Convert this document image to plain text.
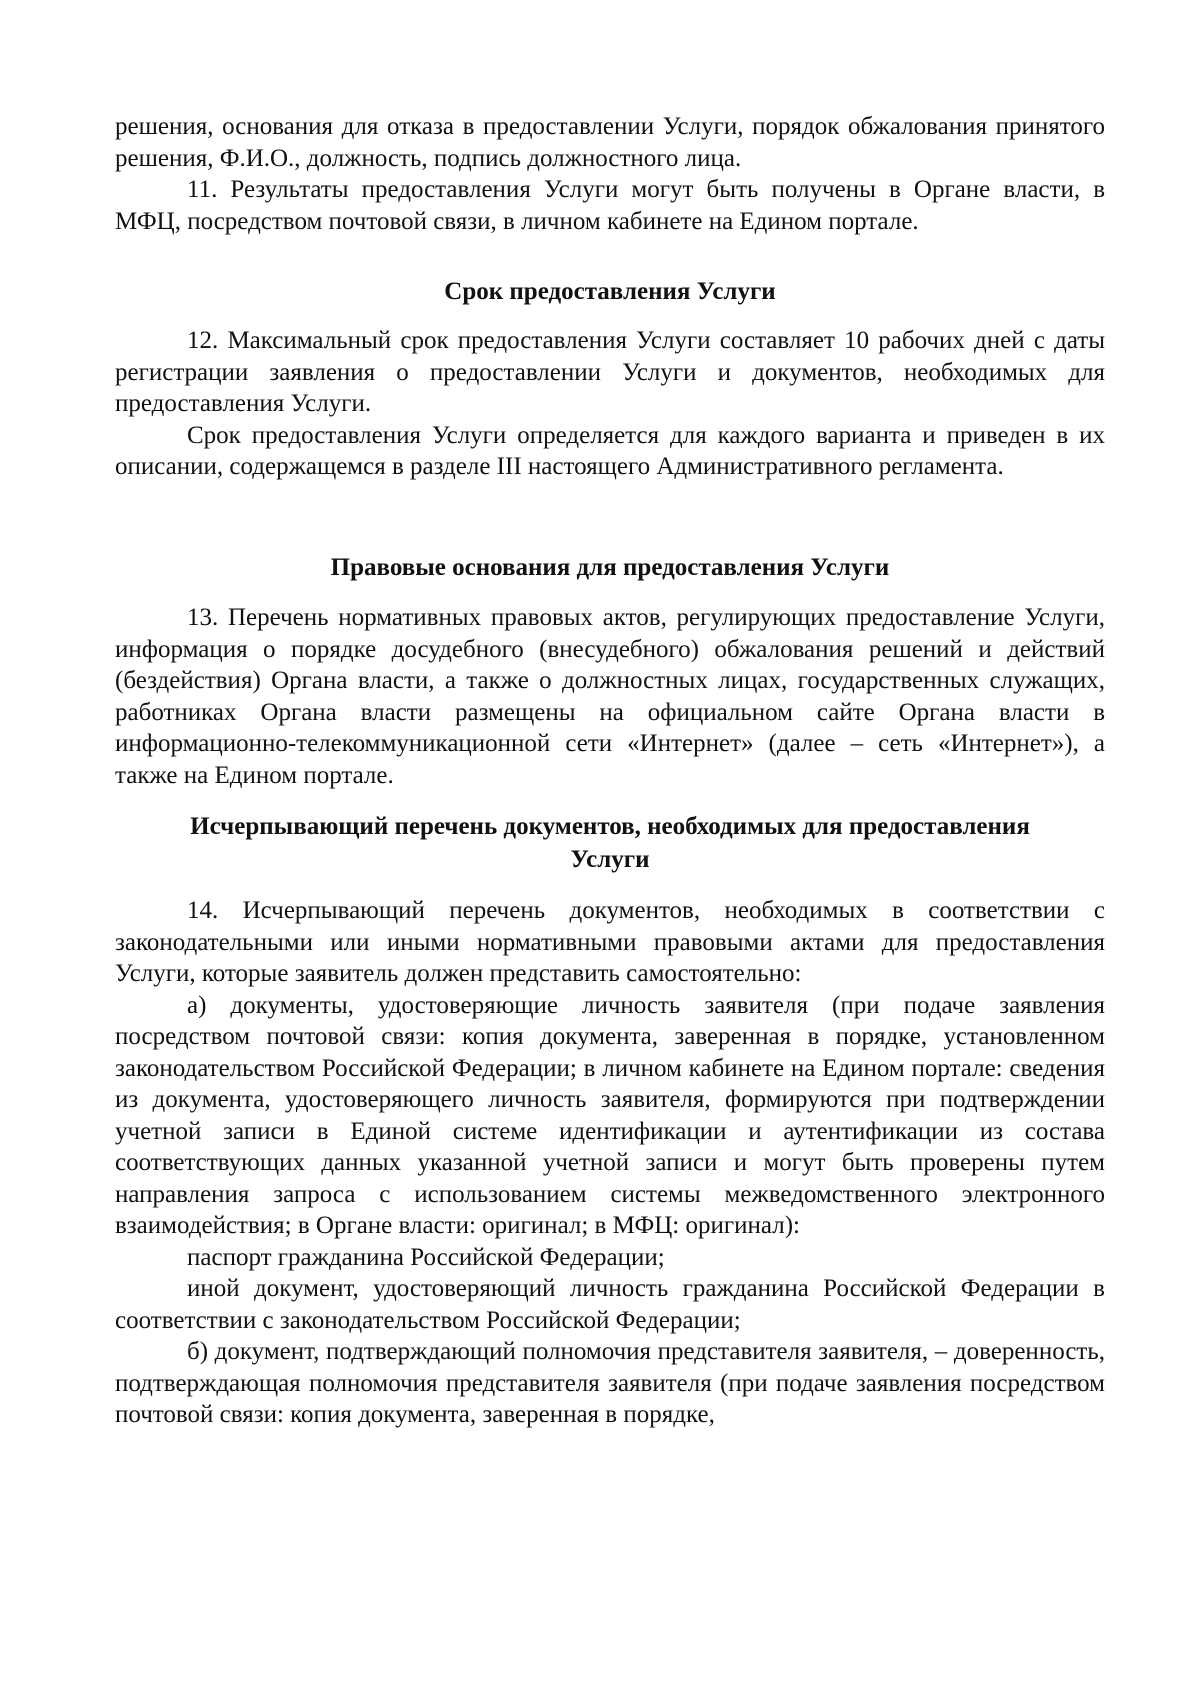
решения, основания для отказа в предоставлении Услуги, порядок обжалования принятого решения, Ф.И.О., должность, подпись должностного лица.

11. Результаты предоставления Услуги могут быть получены в Органе власти, в МФЦ, посредством почтовой связи, в личном кабинете на Едином портале.

Срок предоставления Услуги

12. Максимальный срок предоставления Услуги составляет 10 рабочих дней с даты регистрации заявления о предоставлении Услуги и документов, необходимых для предоставления Услуги.

Срок предоставления Услуги определяется для каждого варианта и приведен в их описании, содержащемся в разделе III настоящего Административного регламента.

Правовые основания для предоставления Услуги

13. Перечень нормативных правовых актов, регулирующих предоставление Услуги, информация о порядке досудебного (внесудебного) обжалования решений и действий (бездействия) Органа власти, а также о должностных лицах, государственных служащих, работниках Органа власти размещены на официальном сайте Органа власти в информационно-телекоммуникационной сети «Интернет» (далее – сеть «Интернет»), а также на Едином портале.

Исчерпывающий перечень документов, необходимых для предоставления
Услуги

14. Исчерпывающий перечень документов, необходимых в соответствии с законодательными или иными нормативными правовыми актами для предоставления Услуги, которые заявитель должен представить самостоятельно:

а) документы, удостоверяющие личность заявителя (при подаче заявления посредством почтовой связи: копия документа, заверенная в порядке, установленном законодательством Российской Федерации; в личном кабинете на Едином портале: сведения из документа, удостоверяющего личность заявителя, формируются при подтверждении учетной записи в Единой системе идентификации и аутентификации из состава соответствующих данных указанной учетной записи и могут быть проверены путем направления запроса с использованием системы межведомственного электронного взаимодействия; в Органе власти: оригинал; в МФЦ: оригинал):

паспорт гражданина Российской Федерации;

иной документ, удостоверяющий личность гражданина Российской Федерации в соответствии с законодательством Российской Федерации;

б) документ, подтверждающий полномочия представителя заявителя, – доверенность, подтверждающая полномочия представителя заявителя (при подаче заявления посредством почтовой связи: копия документа, заверенная в порядке,
